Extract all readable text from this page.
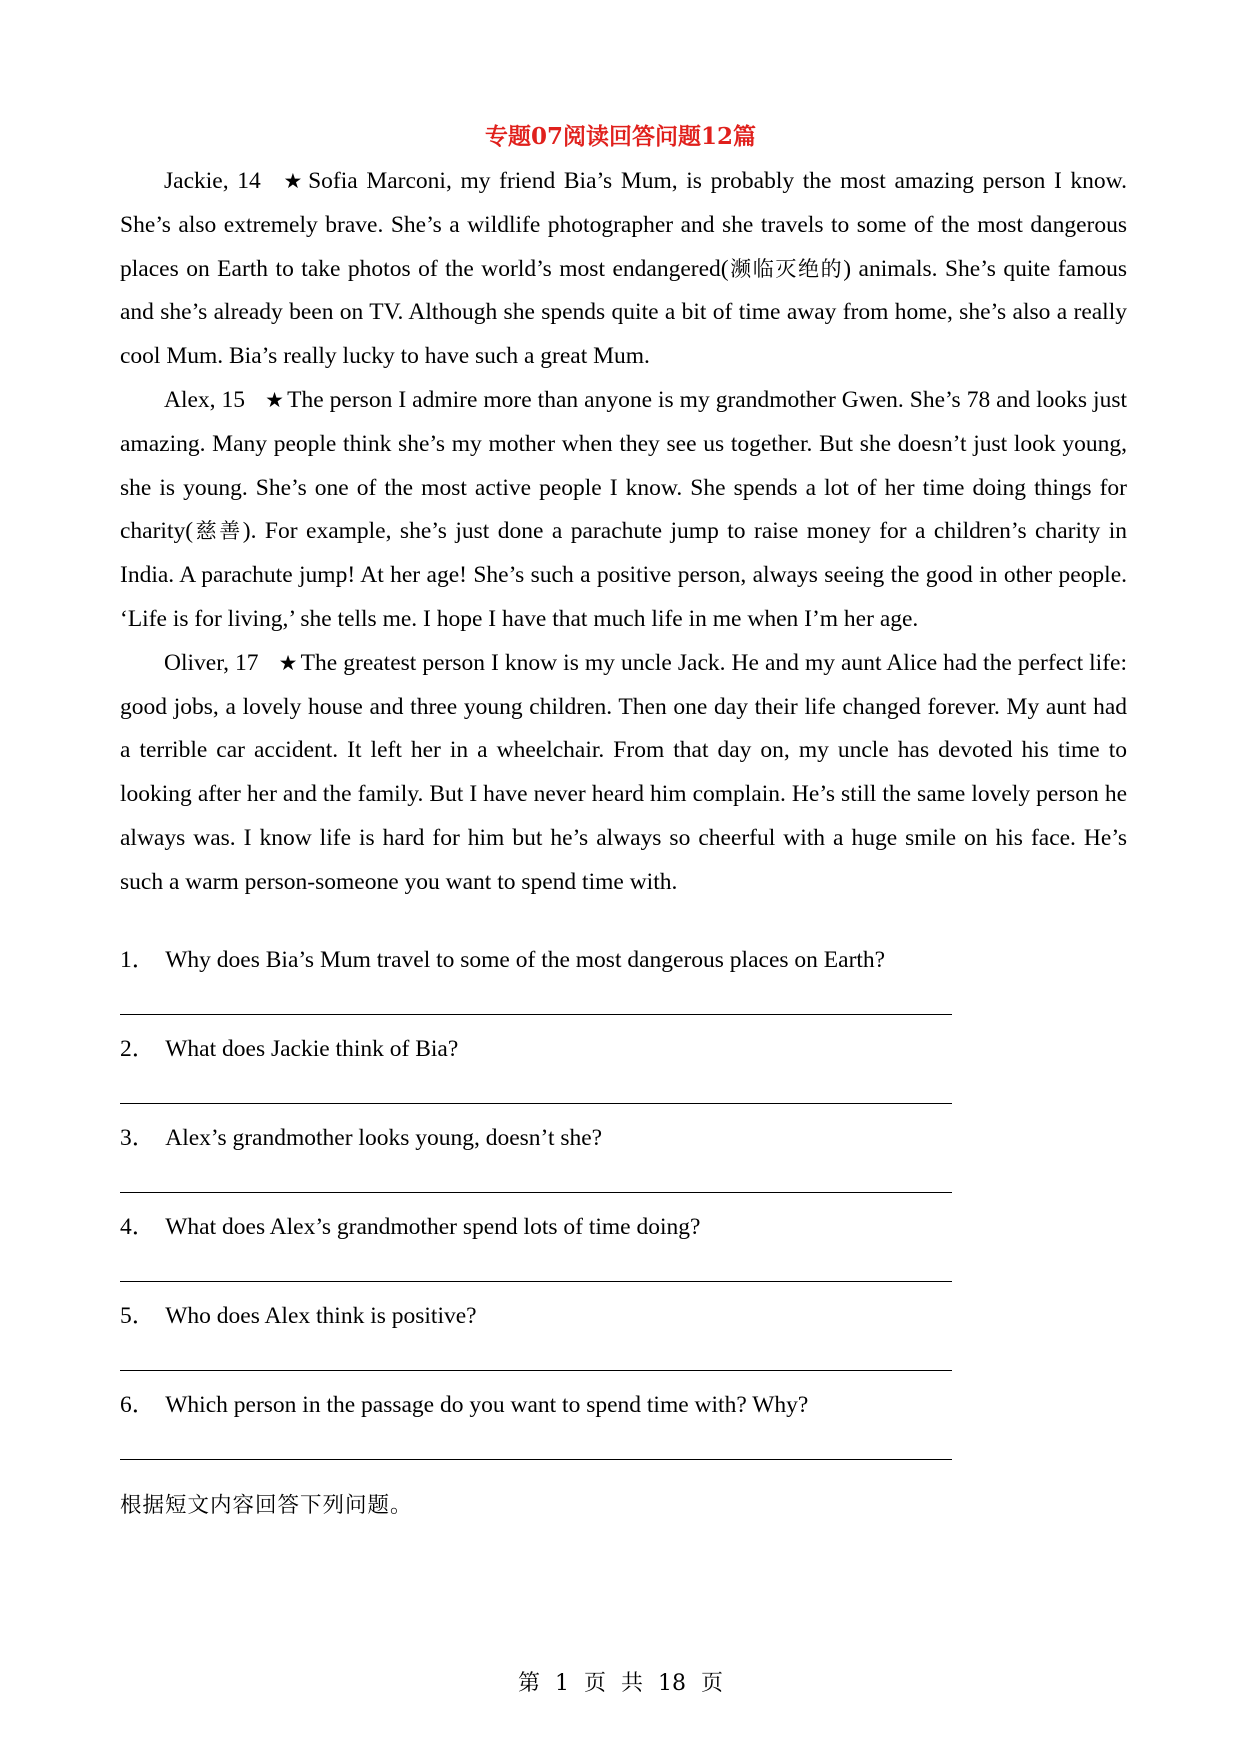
专题07阅读回答问题12篇

Jackie, 14 ★ Sofia Marconi, my friend Bia’s Mum, is probably the most amazing person I know. She’s also extremely brave. She’s a wildlife photographer and she travels to some of the most dangerous places on Earth to take photos of the world’s most endangered(濒临灭绝的) animals. She’s quite famous and she’s already been on TV. Although she spends quite a bit of time away from home, she’s also a really cool Mum. Bia’s really lucky to have such a great Mum.

Alex, 15 ★ The person I admire more than anyone is my grandmother Gwen. She’s 78 and looks just amazing. Many people think she’s my mother when they see us together. But she doesn’t just look young, she is young. She’s one of the most active people I know. She spends a lot of her time doing things for charity(慈善). For example, she’s just done a parachute jump to raise money for a children’s charity in India. A parachute jump! At her age! She’s such a positive person, always seeing the good in other people. ‘Life is for living,’ she tells me. I hope I have that much life in me when I’m her age.

Oliver, 17 ★ The greatest person I know is my uncle Jack. He and my aunt Alice had the perfect life: good jobs, a lovely house and three young children. Then one day their life changed forever. My aunt had a terrible car accident. It left her in a wheelchair. From that day on, my uncle has devoted his time to looking after her and the family. But I have never heard him complain. He’s still the same lovely person he always was. I know life is hard for him but he’s always so cheerful with a huge smile on his face. He’s such a warm person-someone you want to spend time with.

1． Why does Bia’s Mum travel to some of the most dangerous places on Earth?
2． What does Jackie think of Bia?
3． Alex’s grandmother looks young, doesn’t she?
4． What does Alex’s grandmother spend lots of time doing?
5． Who does Alex think is positive?
6． Which person in the passage do you want to spend time with? Why?
根据短文内容回答下列问题。
第 1 页 共 18 页
